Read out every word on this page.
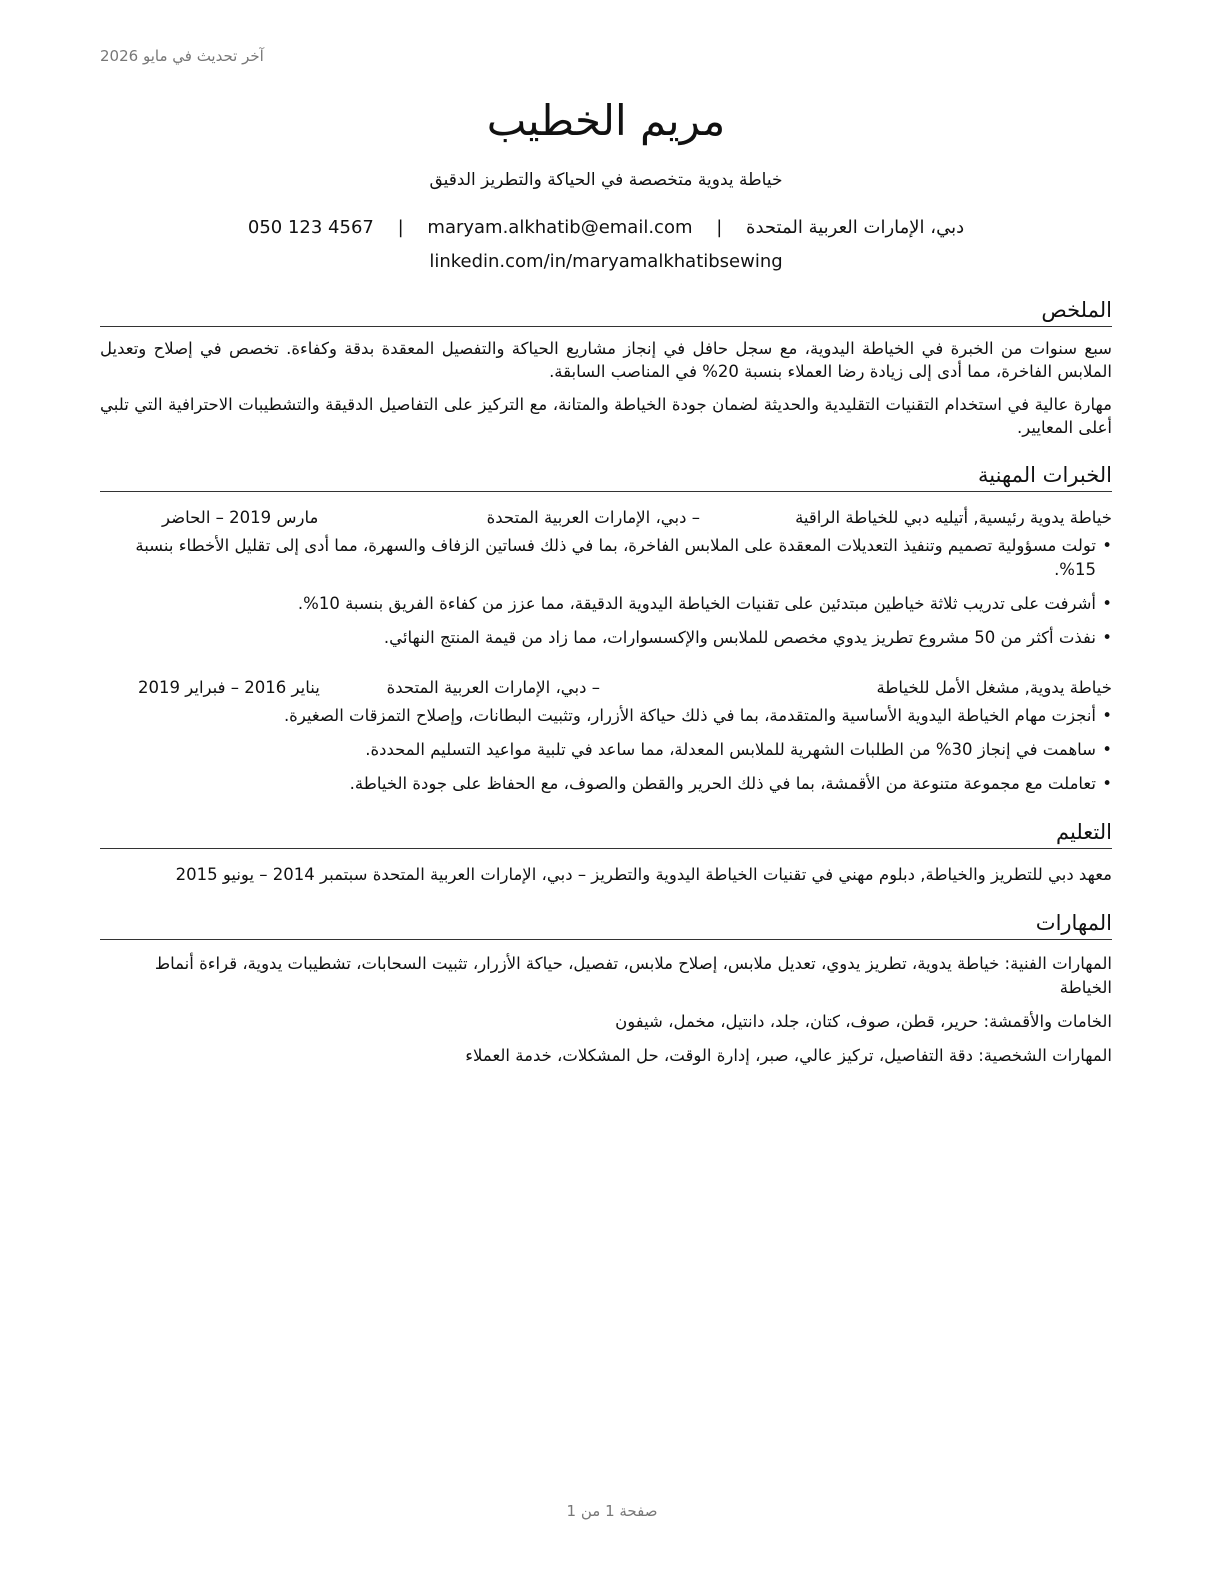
آخر تحديث في مايو 2026
مريم الخطيب
خياطة يدوية متخصصة في الحياكة والتطريز الدقيق
دبي، الإمارات العربية المتحدة | maryam.alkhatib@email.com | 050 123 4567
linkedin.com/in/maryamalkhatibsewing
الملخص
سبع سنوات من الخبرة في الخياطة اليدوية، مع سجل حافل في إنجاز مشاريع الحياكة والتفصيل المعقدة بدقة وكفاءة. تخصص في إصلاح وتعديل الملابس الفاخرة، مما أدى إلى زيادة رضا العملاء بنسبة 20% في المناصب السابقة.
مهارة عالية في استخدام التقنيات التقليدية والحديثة لضمان جودة الخياطة والمتانة، مع التركيز على التفاصيل الدقيقة والتشطيبات الاحترافية التي تلبي أعلى المعايير.
الخبرات المهنية
خياطة يدوية رئيسية, أتيليه دبي للخياطة الراقية
– دبي، الإمارات العربية المتحدة
مارس 2019 – الحاضر
• تولت مسؤولية تصميم وتنفيذ التعديلات المعقدة على الملابس الفاخرة، بما في ذلك فساتين الزفاف والسهرة، مما أدى إلى تقليل الأخطاء بنسبة 15%.
• أشرفت على تدريب ثلاثة خياطين مبتدئين على تقنيات الخياطة اليدوية الدقيقة، مما عزز من كفاءة الفريق بنسبة 10%.
• نفذت أكثر من 50 مشروع تطريز يدوي مخصص للملابس والإكسسوارات، مما زاد من قيمة المنتج النهائي.
خياطة يدوية, مشغل الأمل للخياطة
– دبي، الإمارات العربية المتحدة
يناير 2016 – فبراير 2019
• أنجزت مهام الخياطة اليدوية الأساسية والمتقدمة، بما في ذلك حياكة الأزرار، وتثبيت البطانات، وإصلاح التمزقات الصغيرة.
• ساهمت في إنجاز 30% من الطلبات الشهرية للملابس المعدلة، مما ساعد في تلبية مواعيد التسليم المحددة.
• تعاملت مع مجموعة متنوعة من الأقمشة، بما في ذلك الحرير والقطن والصوف، مع الحفاظ على جودة الخياطة.
التعليم
معهد دبي للتطريز والخياطة, دبلوم مهني في تقنيات الخياطة اليدوية والتطريز – دبي، الإمارات العربية المتحدة سبتمبر 2014 – يونيو 2015
المهارات
المهارات الفنية: خياطة يدوية، تطريز يدوي، تعديل ملابس، إصلاح ملابس، تفصيل، حياكة الأزرار، تثبيت السحابات، تشطيبات يدوية، قراءة أنماط الخياطة
الخامات والأقمشة: حرير، قطن، صوف، كتان، جلد، دانتيل، مخمل، شيفون
المهارات الشخصية: دقة التفاصيل، تركيز عالي، صبر، إدارة الوقت، حل المشكلات، خدمة العملاء
صفحة 1 من 1
